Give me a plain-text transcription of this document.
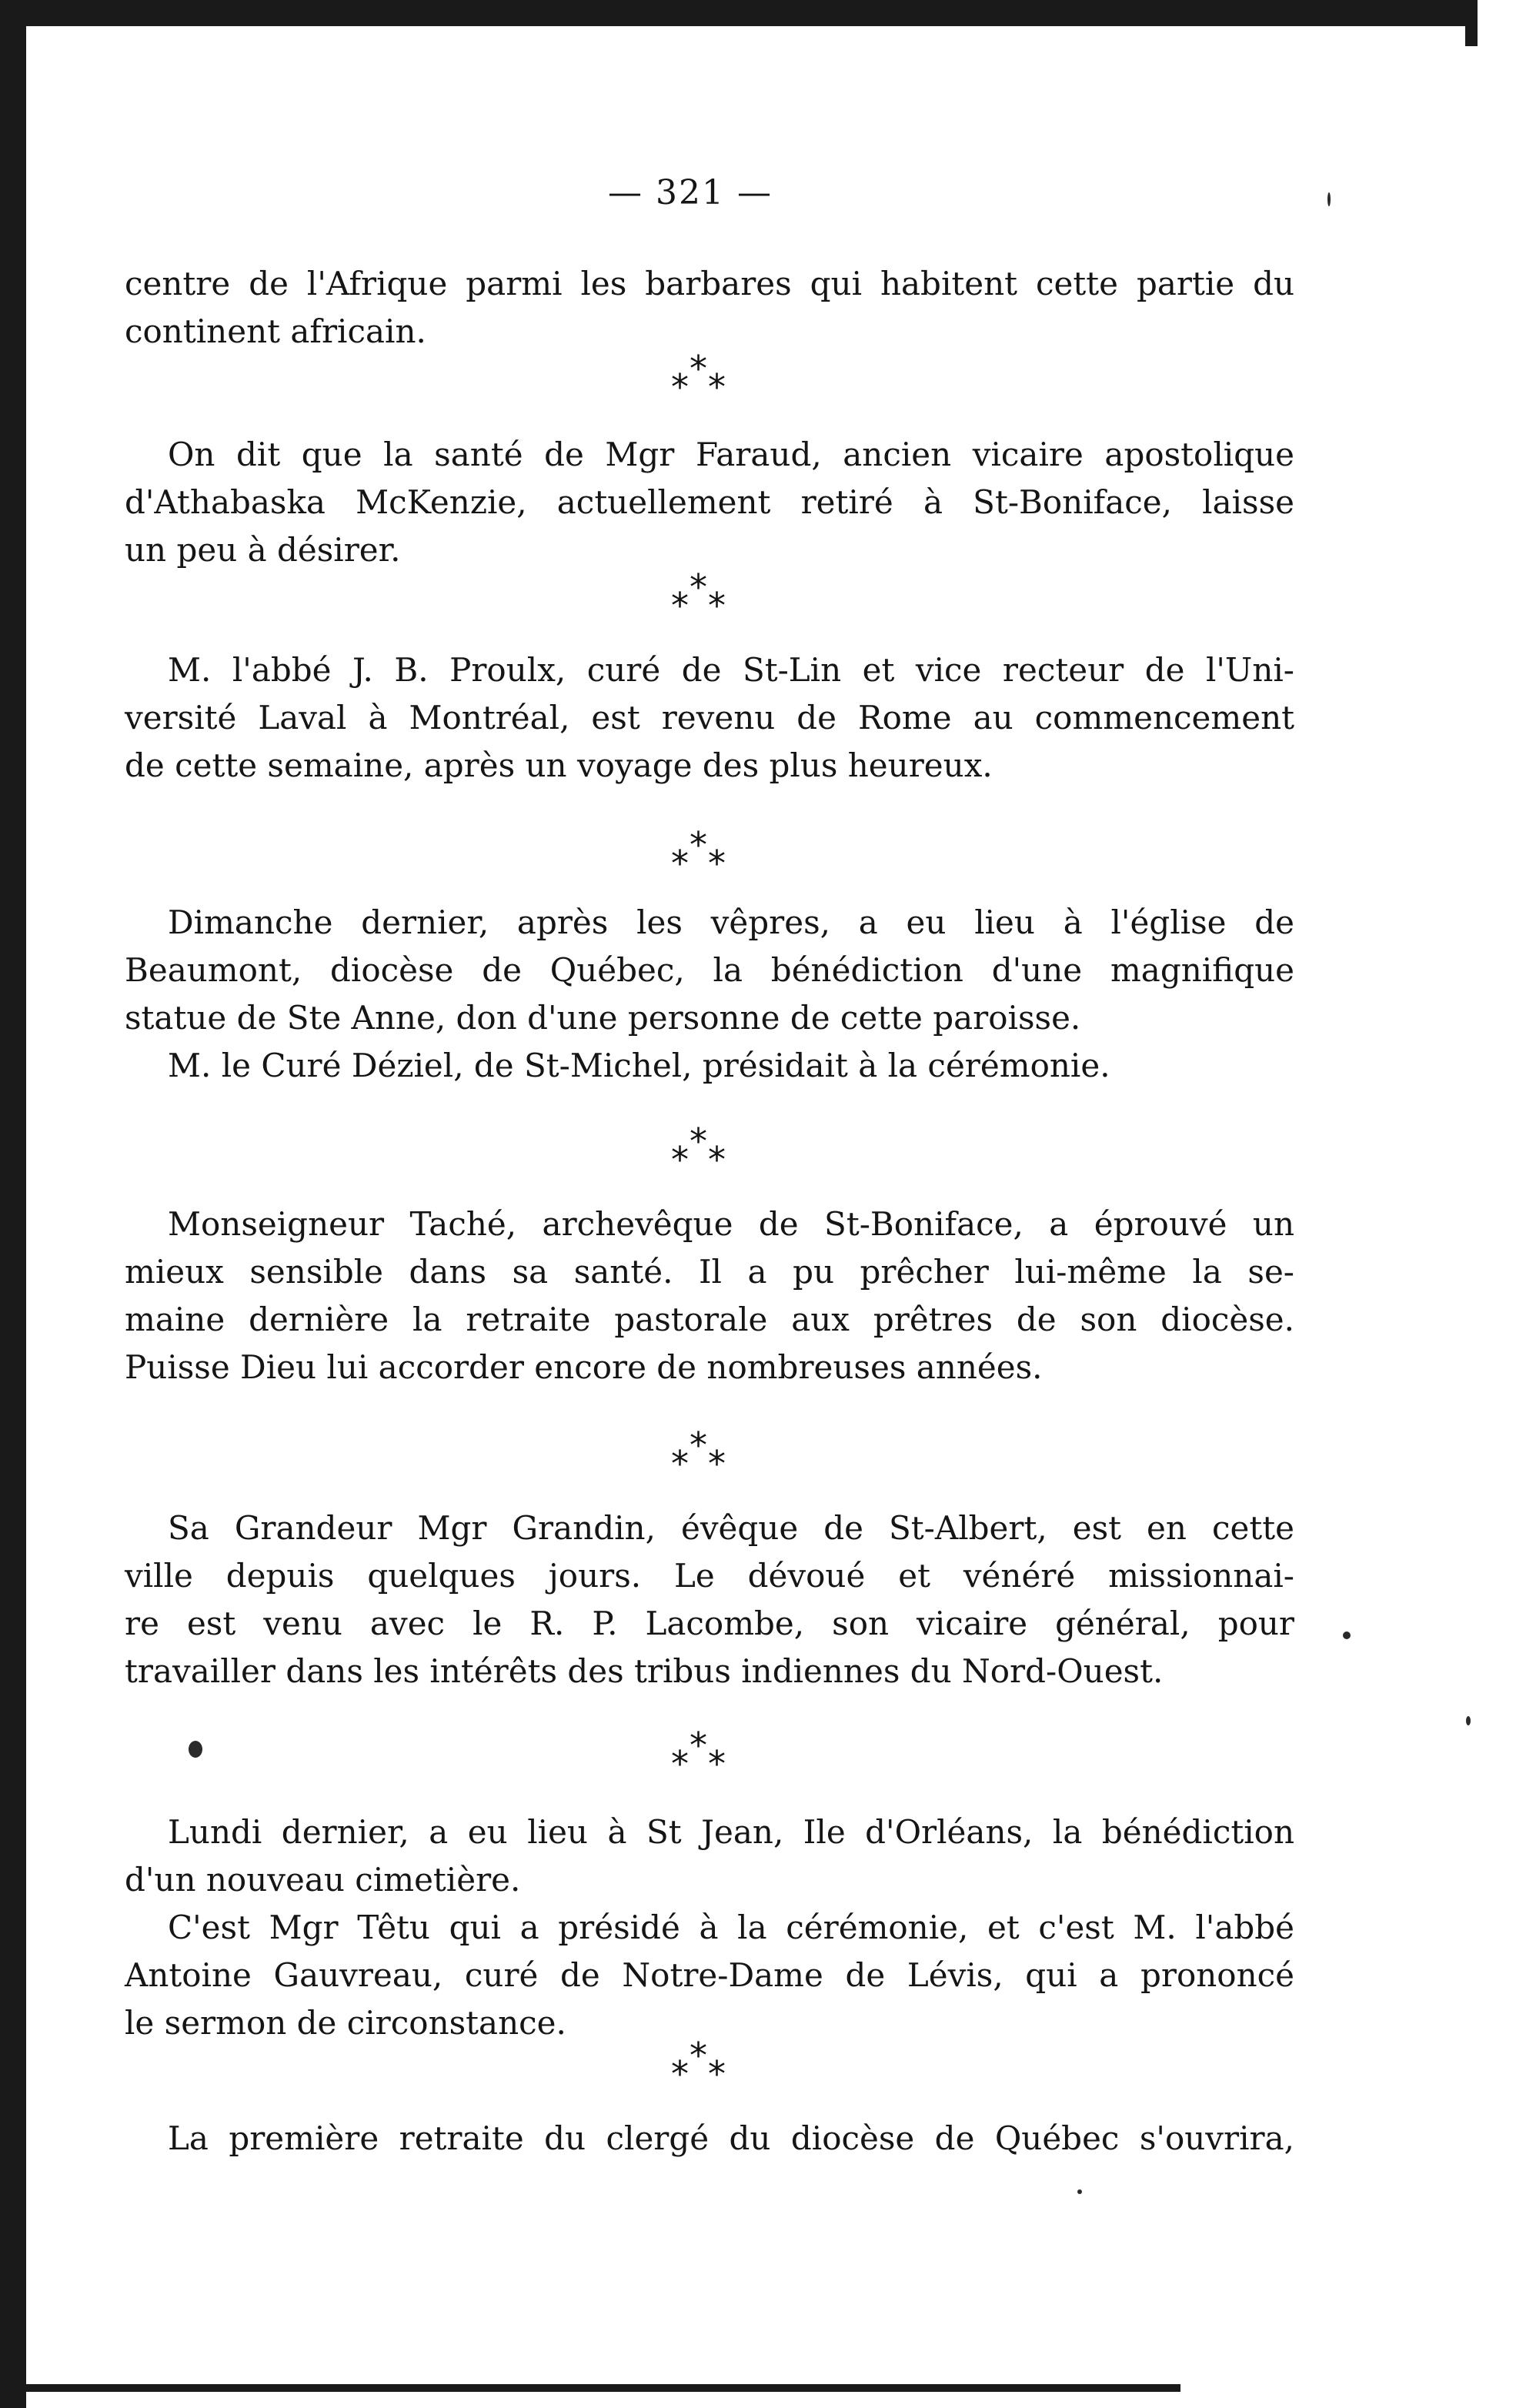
— 321 —
centre de l'Afrique parmi les barbares qui habitent cette partie du
continent africain.
*
* *
On dit que la santé de Mgr Faraud, ancien vicaire apostolique
d'Athabaska McKenzie, actuellement retiré à St-Boniface, laisse
un peu à désirer.
*
* *
M. l'abbé J. B. Proulx, curé de St-Lin et vice recteur de l'Uni-
versité Laval à Montréal, est revenu de Rome au commencement
de cette semaine, après un voyage des plus heureux.
*
* *
Dimanche dernier, après les vêpres, a eu lieu à l'église de
Beaumont, diocèse de Québec, la bénédiction d'une magnifique
statue de Ste Anne, don d'une personne de cette paroisse.
M. le Curé Déziel, de St-Michel, présidait à la cérémonie.
*
* *
Monseigneur Taché, archevêque de St-Boniface, a éprouvé un
mieux sensible dans sa santé. Il a pu prêcher lui-même la se-
maine dernière la retraite pastorale aux prêtres de son diocèse.
Puisse Dieu lui accorder encore de nombreuses années.
*
* *
Sa Grandeur Mgr Grandin, évêque de St-Albert, est en cette
ville depuis quelques jours. Le dévoué et vénéré missionnai-
re est venu avec le R. P. Lacombe, son vicaire général, pour
travailler dans les intérêts des tribus indiennes du Nord-Ouest.
*
* *
Lundi dernier, a eu lieu à St Jean, Ile d'Orléans, la bénédiction
d'un nouveau cimetière.
C'est Mgr Têtu qui a présidé à la cérémonie, et c'est M. l'abbé
Antoine Gauvreau, curé de Notre-Dame de Lévis, qui a prononcé
le sermon de circonstance.
*
* *
La première retraite du clergé du diocèse de Québec s'ouvrira,
